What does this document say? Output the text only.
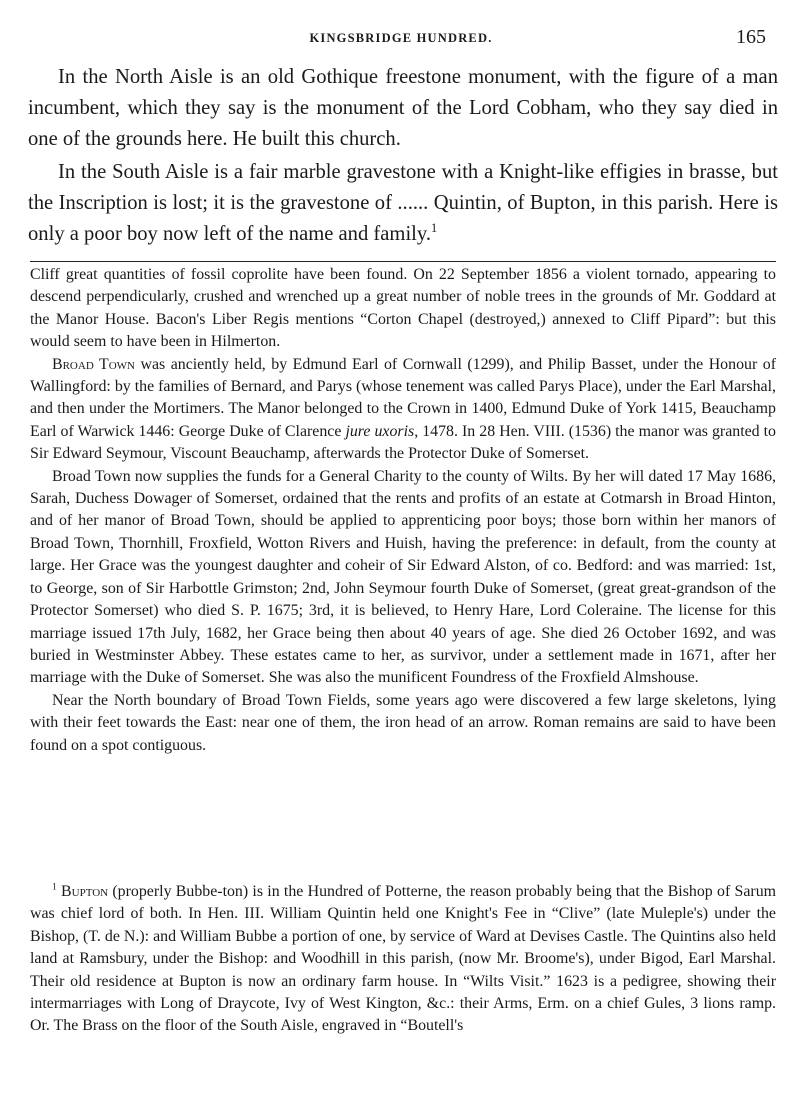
KINGSBRIDGE HUNDRED.	165

In the North Aisle is an old Gothique freestone monument, with the figure of a man incumbent, which they say is the monument of the Lord Cobham, who they say died in one of the grounds here. He built this church.

In the South Aisle is a fair marble gravestone with a Knight-like effigies in brasse, but the Inscription is lost; it is the gravestone of ...... Quintin, of Bupton, in this parish. Here is only a poor boy now left of the name and family.$^1$

Cliff great quantities of fossil coprolite have been found. On 22 September 1856 a violent tornado, appearing to descend perpendicularly, crushed and wrenched up a great number of noble trees in the grounds of Mr. Goddard at the Manor House. Bacon's Liber Regis mentions “Corton Chapel (destroyed,) annexed to Cliff Pipard”: but this would seem to have been in Hilmerton.

Broad Town was anciently held, by Edmund Earl of Cornwall (1299), and Philip Basset, under the Honour of Wallingford: by the families of Bernard, and Parys (whose tenement was called Parys Place), under the Earl Marshal, and then under the Mortimers. The Manor belonged to the Crown in 1400, Edmund Duke of York 1415, Beauchamp Earl of Warwick 1446: George Duke of Clarence jure uxoris, 1478. In 28 Hen. VIII. (1536) the manor was granted to Sir Edward Seymour, Viscount Beauchamp, afterwards the Protector Duke of Somerset.

Broad Town now supplies the funds for a General Charity to the county of Wilts. By her will dated 17 May 1686, Sarah, Duchess Dowager of Somerset, ordained that the rents and profits of an estate at Cotmarsh in Broad Hinton, and of her manor of Broad Town, should be applied to apprenticing poor boys; those born within her manors of Broad Town, Thornhill, Froxfield, Wotton Rivers and Huish, having the preference: in default, from the county at large. Her Grace was the youngest daughter and coheir of Sir Edward Alston, of co. Bedford: and was married: 1st, to George, son of Sir Harbottle Grimston; 2nd, John Seymour fourth Duke of Somerset, (great great-grandson of the Protector Somerset) who died S. P. 1675; 3rd, it is believed, to Henry Hare, Lord Coleraine. The license for this marriage issued 17th July, 1682, her Grace being then about 40 years of age. She died 26 October 1692, and was buried in Westminster Abbey. These estates came to her, as survivor, under a settlement made in 1671, after her marriage with the Duke of Somerset. She was also the munificent Foundress of the Froxfield Almshouse.

Near the North boundary of Broad Town Fields, some years ago were discovered a few large skeletons, lying with their feet towards the East: near one of them, the iron head of an arrow. Roman remains are said to have been found on a spot contiguous.

$^1$ Bupton (properly Bubbe-ton) is in the Hundred of Potterne, the reason probably being that the Bishop of Sarum was chief lord of both. In Hen. III. William Quintin held one Knight's Fee in “Clive” (late Muleple's) under the Bishop, (T. de N.): and William Bubbe a portion of one, by service of Ward at Devises Castle. The Quintins also held land at Ramsbury, under the Bishop: and Woodhill in this parish, (now Mr. Broome's), under Bigod, Earl Marshal. Their old residence at Bupton is now an ordinary farm house. In “Wilts Visit.” 1623 is a pedigree, showing their intermarriages with Long of Draycote, Ivy of West Kington, &c.: their Arms, Erm. on a chief Gules, 3 lions ramp. Or. The Brass on the floor of the South Aisle, engraved in “Boutell's
